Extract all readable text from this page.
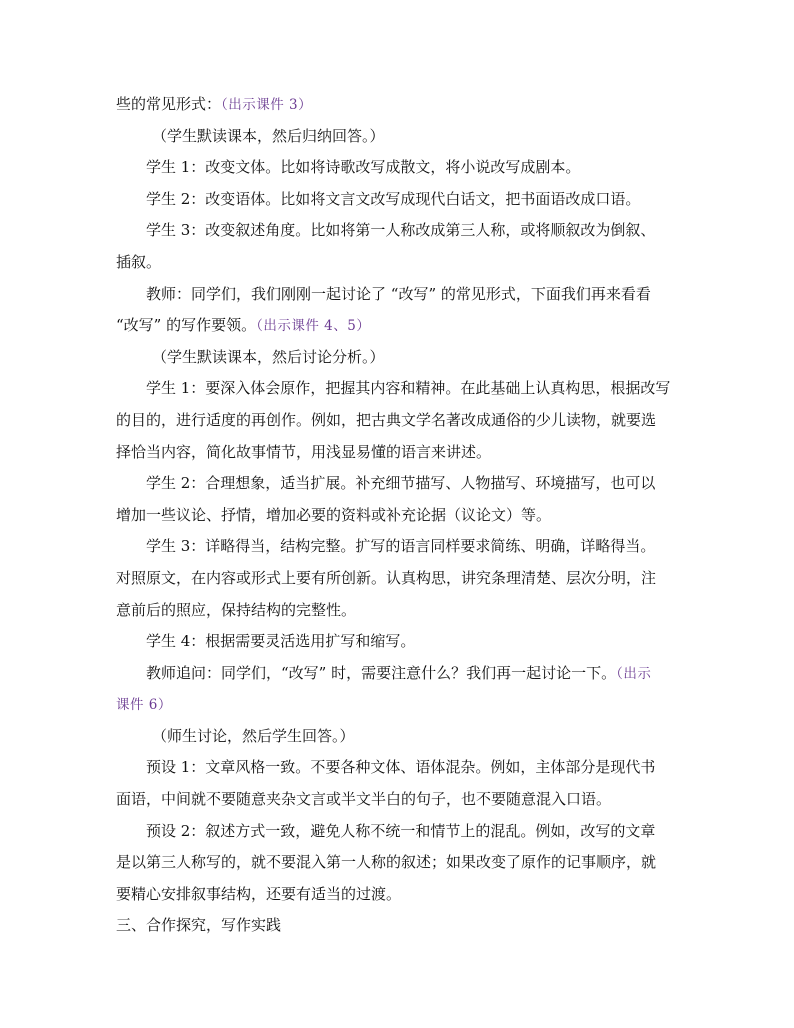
些的常见形式：（出示课件 3）
（学生默读课本，然后归纳回答。）
学生 1：改变文体。比如将诗歌改写成散文，将小说改写成剧本。
学生 2：改变语体。比如将文言文改写成现代白话文，把书面语改成口语。
学生 3：改变叙述角度。比如将第一人称改成第三人称，或将顺叙改为倒叙、
插叙。
教师：同学们，我们刚刚一起讨论了 “改写” 的常见形式，下面我们再来看看
“改写” 的写作要领。（出示课件 4、5）
（学生默读课本，然后讨论分析。）
学生 1：要深入体会原作，把握其内容和精神。在此基础上认真构思，根据改写
的目的，进行适度的再创作。例如，把古典文学名著改成通俗的少儿读物，就要选
择恰当内容，简化故事情节，用浅显易懂的语言来讲述。
学生 2：合理想象，适当扩展。补充细节描写、人物描写、环境描写，也可以
增加一些议论、抒情，增加必要的资料或补充论据（议论文）等。
学生 3：详略得当，结构完整。扩写的语言同样要求简练、明确，详略得当。
对照原文，在内容或形式上要有所创新。认真构思，讲究条理清楚、层次分明，注
意前后的照应，保持结构的完整性。
学生 4：根据需要灵活选用扩写和缩写。
教师追问：同学们，“改写” 时，需要注意什么？我们再一起讨论一下。（出示
课件 6）
（师生讨论，然后学生回答。）
预设 1：文章风格一致。不要各种文体、语体混杂。例如，主体部分是现代书
面语，中间就不要随意夹杂文言或半文半白的句子，也不要随意混入口语。
预设 2：叙述方式一致，避免人称不统一和情节上的混乱。例如，改写的文章
是以第三人称写的，就不要混入第一人称的叙述；如果改变了原作的记事顺序，就
要精心安排叙事结构，还要有适当的过渡。
三、合作探究，写作实践
